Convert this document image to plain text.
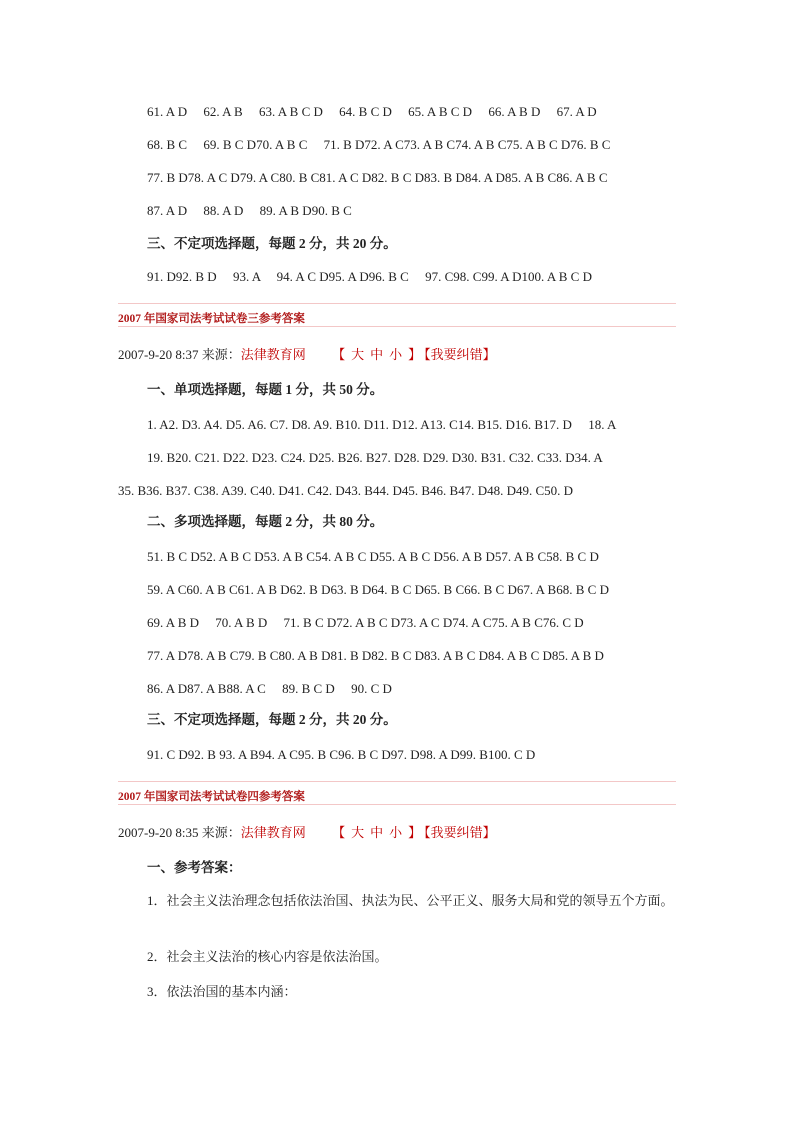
61. A D　 62. A B　 63. A B C D　 64. B C D　 65. A B C D　 66. A B D　 67. A D
68. B C　 69. B C D70. A B C　 71. B D72. A C73. A B C74. A B C75. A B C D76. B C
77. B D78. A C D79. A C80. B C81. A C D82. B C D83. B D84. A D85. A B C86. A B C
87. A D　 88. A D　 89. A B D90. B C
三、不定项选择题，每题 2 分，共 20 分。
91. D92. B D　 93. A　 94. A C D95. A D96. B C　 97. C98. C99. A D100. A B C D
2007 年国家司法考试试卷三参考答案
2007-9-20 8:37 来源：法律教育网 【 大 中 小 】 【我要纠错】
一、单项选择题，每题 1 分，共 50 分。
1. A2. D3. A4. D5. A6. C7. D8. A9. B10. D11. D12. A13. C14. B15. D16. B17. D　 18. A
19. B20. C21. D22. D23. C24. D25. B26. B27. D28. D29. D30. B31. C32. C33. D34. A
35. B36. B37. C38. A39. C40. D41. C42. D43. B44. D45. B46. B47. D48. D49. C50. D
二、多项选择题，每题 2 分，共 80 分。
51. B C D52. A B C D53. A B C54. A B C D55. A B C D56. A B D57. A B C58. B C D
59. A C60. A B C61. A B D62. B D63. B D64. B C D65. B C66. B C D67. A B68. B C D
69. A B D　 70. A B D　 71. B C D72. A B C D73. A C D74. A C75. A B C76. C D
77. A D78. A B C79. B C80. A B D81. B D82. B C D83. A B C D84. A B C D85. A B D
86. A D87. A B88. A C　 89. B C D　 90. C D
三、不定项选择题，每题 2 分，共 20 分。
91. C D92. B 93. A B94. A C95. B C96. B C D97. D98. A D99. B100. C D
2007 年国家司法考试试卷四参考答案
2007-9-20 8:35 来源：法律教育网 【 大 中 小 】 【我要纠错】
一、参考答案：
1．社会主义法治理念包括依法治国、执法为民、公平正义、服务大局和党的领导五个方面。
2．社会主义法治的核心内容是依法治国。
3．依法治国的基本内涵：
